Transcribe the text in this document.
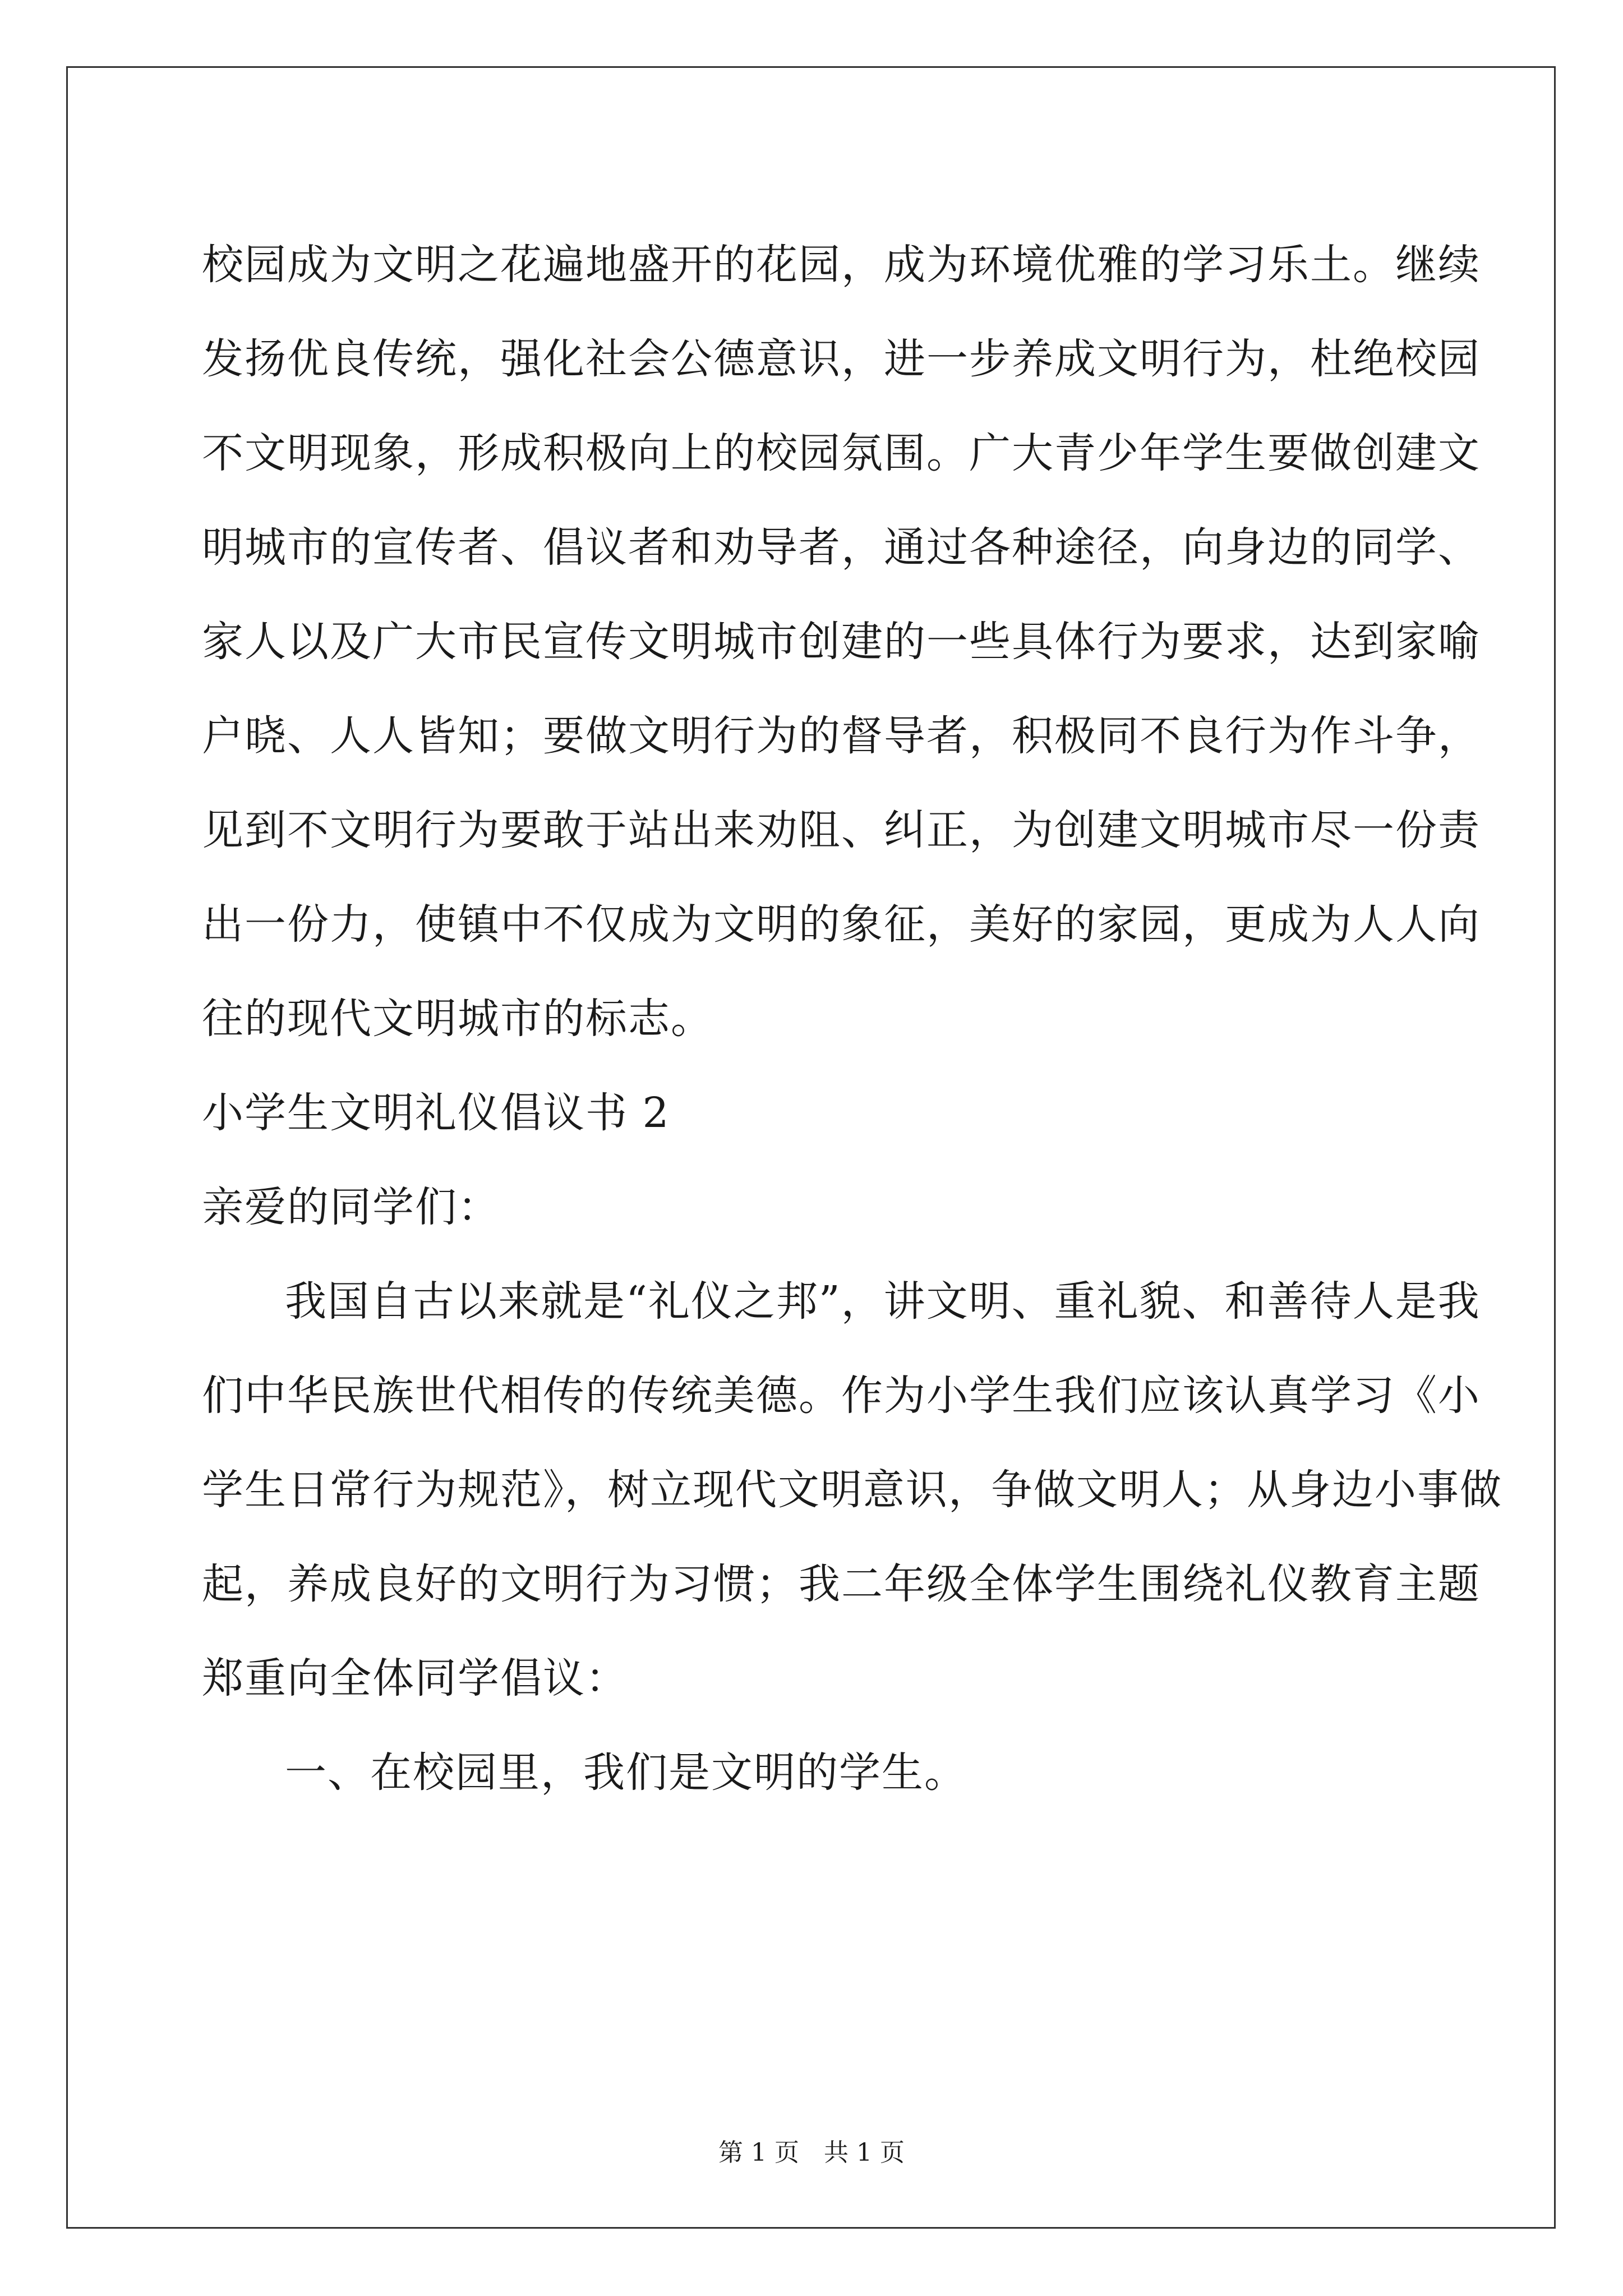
校园成为文明之花遍地盛开的花园，成为环境优雅的学习乐土。继续
发扬优良传统，强化社会公德意识，进一步养成文明行为，杜绝校园
不文明现象，形成积极向上的校园氛围。广大青少年学生要做创建文
明城市的宣传者、倡议者和劝导者，通过各种途径，向身边的同学、
家人以及广大市民宣传文明城市创建的一些具体行为要求，达到家喻
户晓、人人皆知；要做文明行为的督导者，积极同不良行为作斗争，
见到不文明行为要敢于站出来劝阻、纠正，为创建文明城市尽一份责
出一份力，使镇中不仅成为文明的象征，美好的家园，更成为人人向
往的现代文明城市的标志。
小学生文明礼仪倡议书 2
亲爱的同学们：
我国自古以来就是“礼仪之邦”，讲文明、重礼貌、和善待人是我
们中华民族世代相传的传统美德。作为小学生我们应该认真学习《小
学生日常行为规范》，树立现代文明意识，争做文明人；从身边小事做
起，养成良好的文明行为习惯；我二年级全体学生围绕礼仪教育主题
郑重向全体同学倡议：
一、在校园里，我们是文明的学生。
第 1 页　共 1 页
